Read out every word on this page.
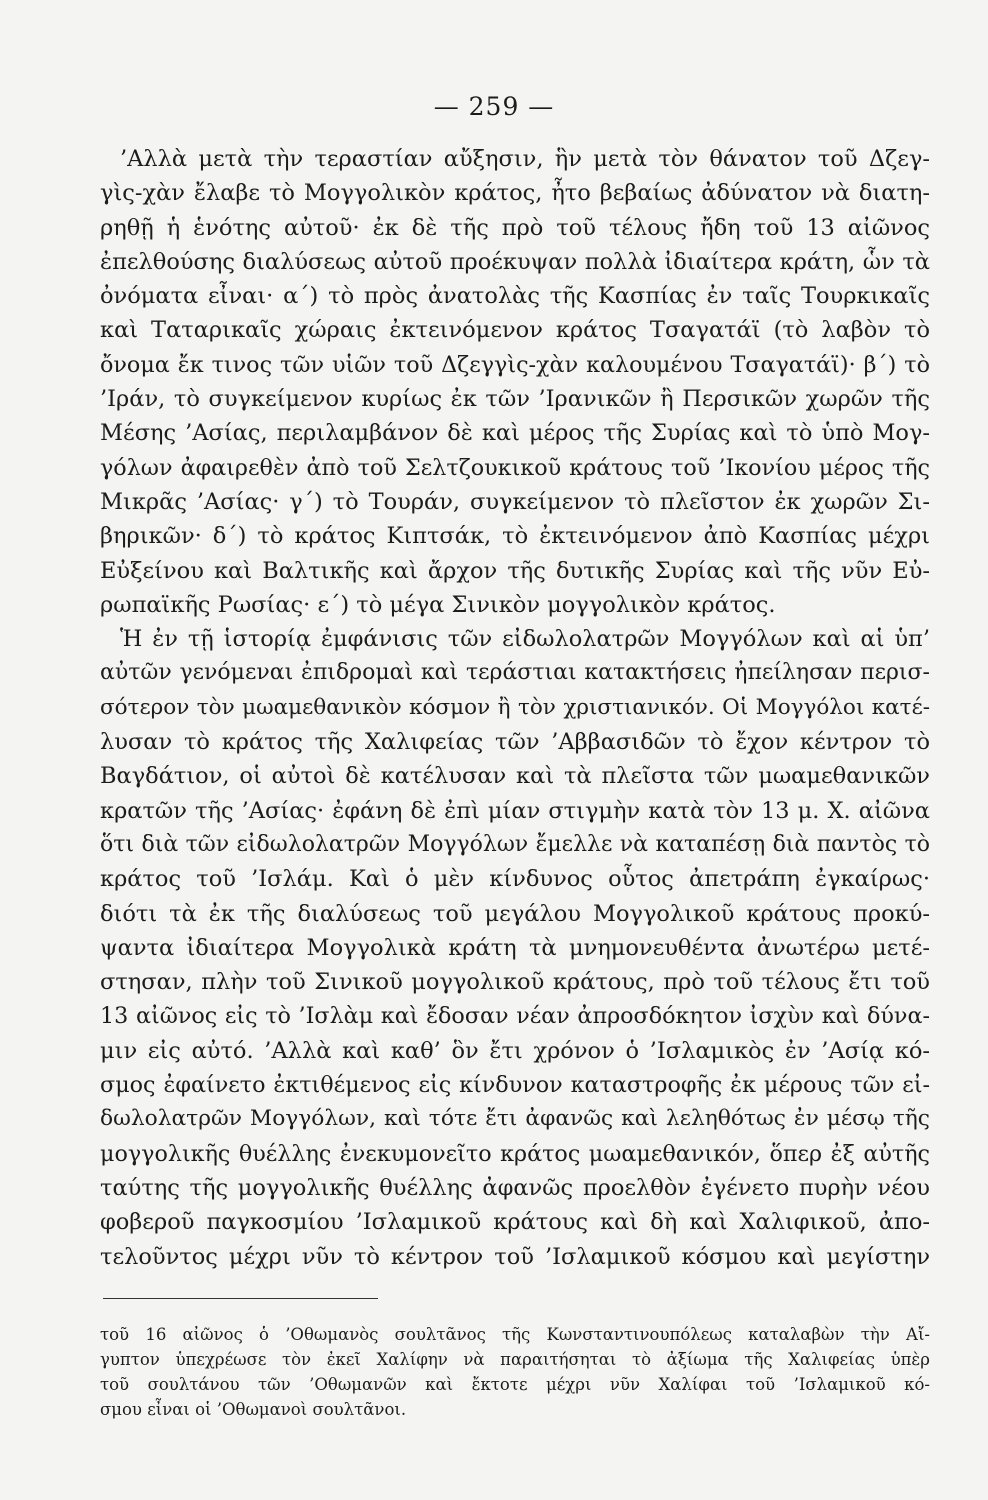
— 259 —
’Αλλὰ μετὰ τὴν τεραστίαν αὔξησιν, ἣν μετὰ τὸν θάνατον τοῦ Δζεγ-
γὶς-χὰν ἔλαβε τὸ Μογγολικὸν κράτος, ἦτο βεβαίως ἀδύνατον νὰ διατη-
ρηθῇ ἡ ἑνότης αὐτοῦ· ἐκ δὲ τῆς πρὸ τοῦ τέλους ἤδη τοῦ 13 αἰῶνος
ἐπελθούσης διαλύσεως αὐτοῦ προέκυψαν πολλὰ ἰδιαίτερα κράτη, ὧν τὰ
ὀνόματα εἶναι· α΄) τὸ πρὸς ἀνατολὰς τῆς Κασπίας ἐν ταῖς Τουρκικαῖς
καὶ Ταταρικαῖς χώραις ἐκτεινόμενον κράτος Τσαγατάϊ (τὸ λαβὸν τὸ
ὄνομα ἔκ τινος τῶν υἱῶν τοῦ Δζεγγὶς-χὰν καλουμένου Τσαγατάϊ)· β΄) τὸ
’Ιράν, τὸ συγκείμενον κυρίως ἐκ τῶν ’Ιρανικῶν ἢ Περσικῶν χωρῶν τῆς
Μέσης ’Ασίας, περιλαμβάνον δὲ καὶ μέρος τῆς Συρίας καὶ τὸ ὑπὸ Μογ-
γόλων ἀφαιρεθὲν ἀπὸ τοῦ Σελτζουκικοῦ κράτους τοῦ ’Ικονίου μέρος τῆς
Μικρᾶς ’Ασίας· γ΄) τὸ Τουράν, συγκείμενον τὸ πλεῖστον ἐκ χωρῶν Σι-
βηρικῶν· δ΄) τὸ κράτος Κιπτσάκ, τὸ ἐκτεινόμενον ἀπὸ Κασπίας μέχρι
Εὐξείνου καὶ Βαλτικῆς καὶ ἄρχον τῆς δυτικῆς Συρίας καὶ τῆς νῦν Εὐ-
ρωπαϊκῆς Ρωσίας· ε΄) τὸ μέγα Σινικὸν μογγολικὸν κράτος.
Ἡ ἐν τῇ ἱστορίᾳ ἐμφάνισις τῶν εἰδωλολατρῶν Μογγόλων καὶ αἱ ὑπ’
αὐτῶν γενόμεναι ἐπιδρομαὶ καὶ τεράστιαι κατακτήσεις ἠπείλησαν περισ-
σότερον τὸν μωαμεθανικὸν κόσμον ἢ τὸν χριστιανικόν. Οἱ Μογγόλοι κατέ-
λυσαν τὸ κράτος τῆς Χαλιφείας τῶν ’Αββασιδῶν τὸ ἔχον κέντρον τὸ
Βαγδάτιον, οἱ αὐτοὶ δὲ κατέλυσαν καὶ τὰ πλεῖστα τῶν μωαμεθανικῶν
κρατῶν τῆς ’Ασίας· ἐφάνη δὲ ἐπὶ μίαν στιγμὴν κατὰ τὸν 13 μ. Χ. αἰῶνα
ὅτι διὰ τῶν εἰδωλολατρῶν Μογγόλων ἔμελλε νὰ καταπέσῃ διὰ παντὸς τὸ
κράτος τοῦ ’Ισλάμ. Καὶ ὁ μὲν κίνδυνος οὗτος ἀπετράπη ἐγκαίρως·
διότι τὰ ἐκ τῆς διαλύσεως τοῦ μεγάλου Μογγολικοῦ κράτους προκύ-
ψαντα ἰδιαίτερα Μογγολικὰ κράτη τὰ μνημονευθέντα ἀνωτέρω μετέ-
στησαν, πλὴν τοῦ Σινικοῦ μογγολικοῦ κράτους, πρὸ τοῦ τέλους ἔτι τοῦ
13 αἰῶνος εἰς τὸ ’Ισλὰμ καὶ ἔδοσαν νέαν ἀπροσδόκητον ἰσχὺν καὶ δύνα-
μιν εἰς αὐτό. ’Αλλὰ καὶ καθ’ ὃν ἔτι χρόνον ὁ ’Ισλαμικὸς ἐν ’Ασίᾳ κό-
σμος ἐφαίνετο ἐκτιθέμενος εἰς κίνδυνον καταστροφῆς ἐκ μέρους τῶν εἰ-
δωλολατρῶν Μογγόλων, καὶ τότε ἔτι ἀφανῶς καὶ λεληθότως ἐν μέσῳ τῆς
μογγολικῆς θυέλλης ἐνεκυμονεῖτο κράτος μωαμεθανικόν, ὅπερ ἐξ αὐτῆς
ταύτης τῆς μογγολικῆς θυέλλης ἀφανῶς προελθὸν ἐγένετο πυρὴν νέου
φοβεροῦ παγκοσμίου ’Ισλαμικοῦ κράτους καὶ δὴ καὶ Χαλιφικοῦ, ἀπο-
τελοῦντος μέχρι νῦν τὸ κέντρον τοῦ ’Ισλαμικοῦ κόσμου καὶ μεγίστην
τοῦ 16 αἰῶνος ὁ ’Οθωμανὸς σουλτᾶνος τῆς Κωνσταντινουπόλεως καταλαβὼν τὴν Αἴ-
γυπτον ὑπεχρέωσε τὸν ἐκεῖ Χαλίφην νὰ παραιτήσηται τὸ ἀξίωμα τῆς Χαλιφείας ὑπὲρ
τοῦ σουλτάνου τῶν ’Οθωμανῶν καὶ ἔκτοτε μέχρι νῦν Χαλίφαι τοῦ ’Ισλαμικοῦ κό-
σμου εἶναι οἱ ’Οθωμανοὶ σουλτᾶνοι.
